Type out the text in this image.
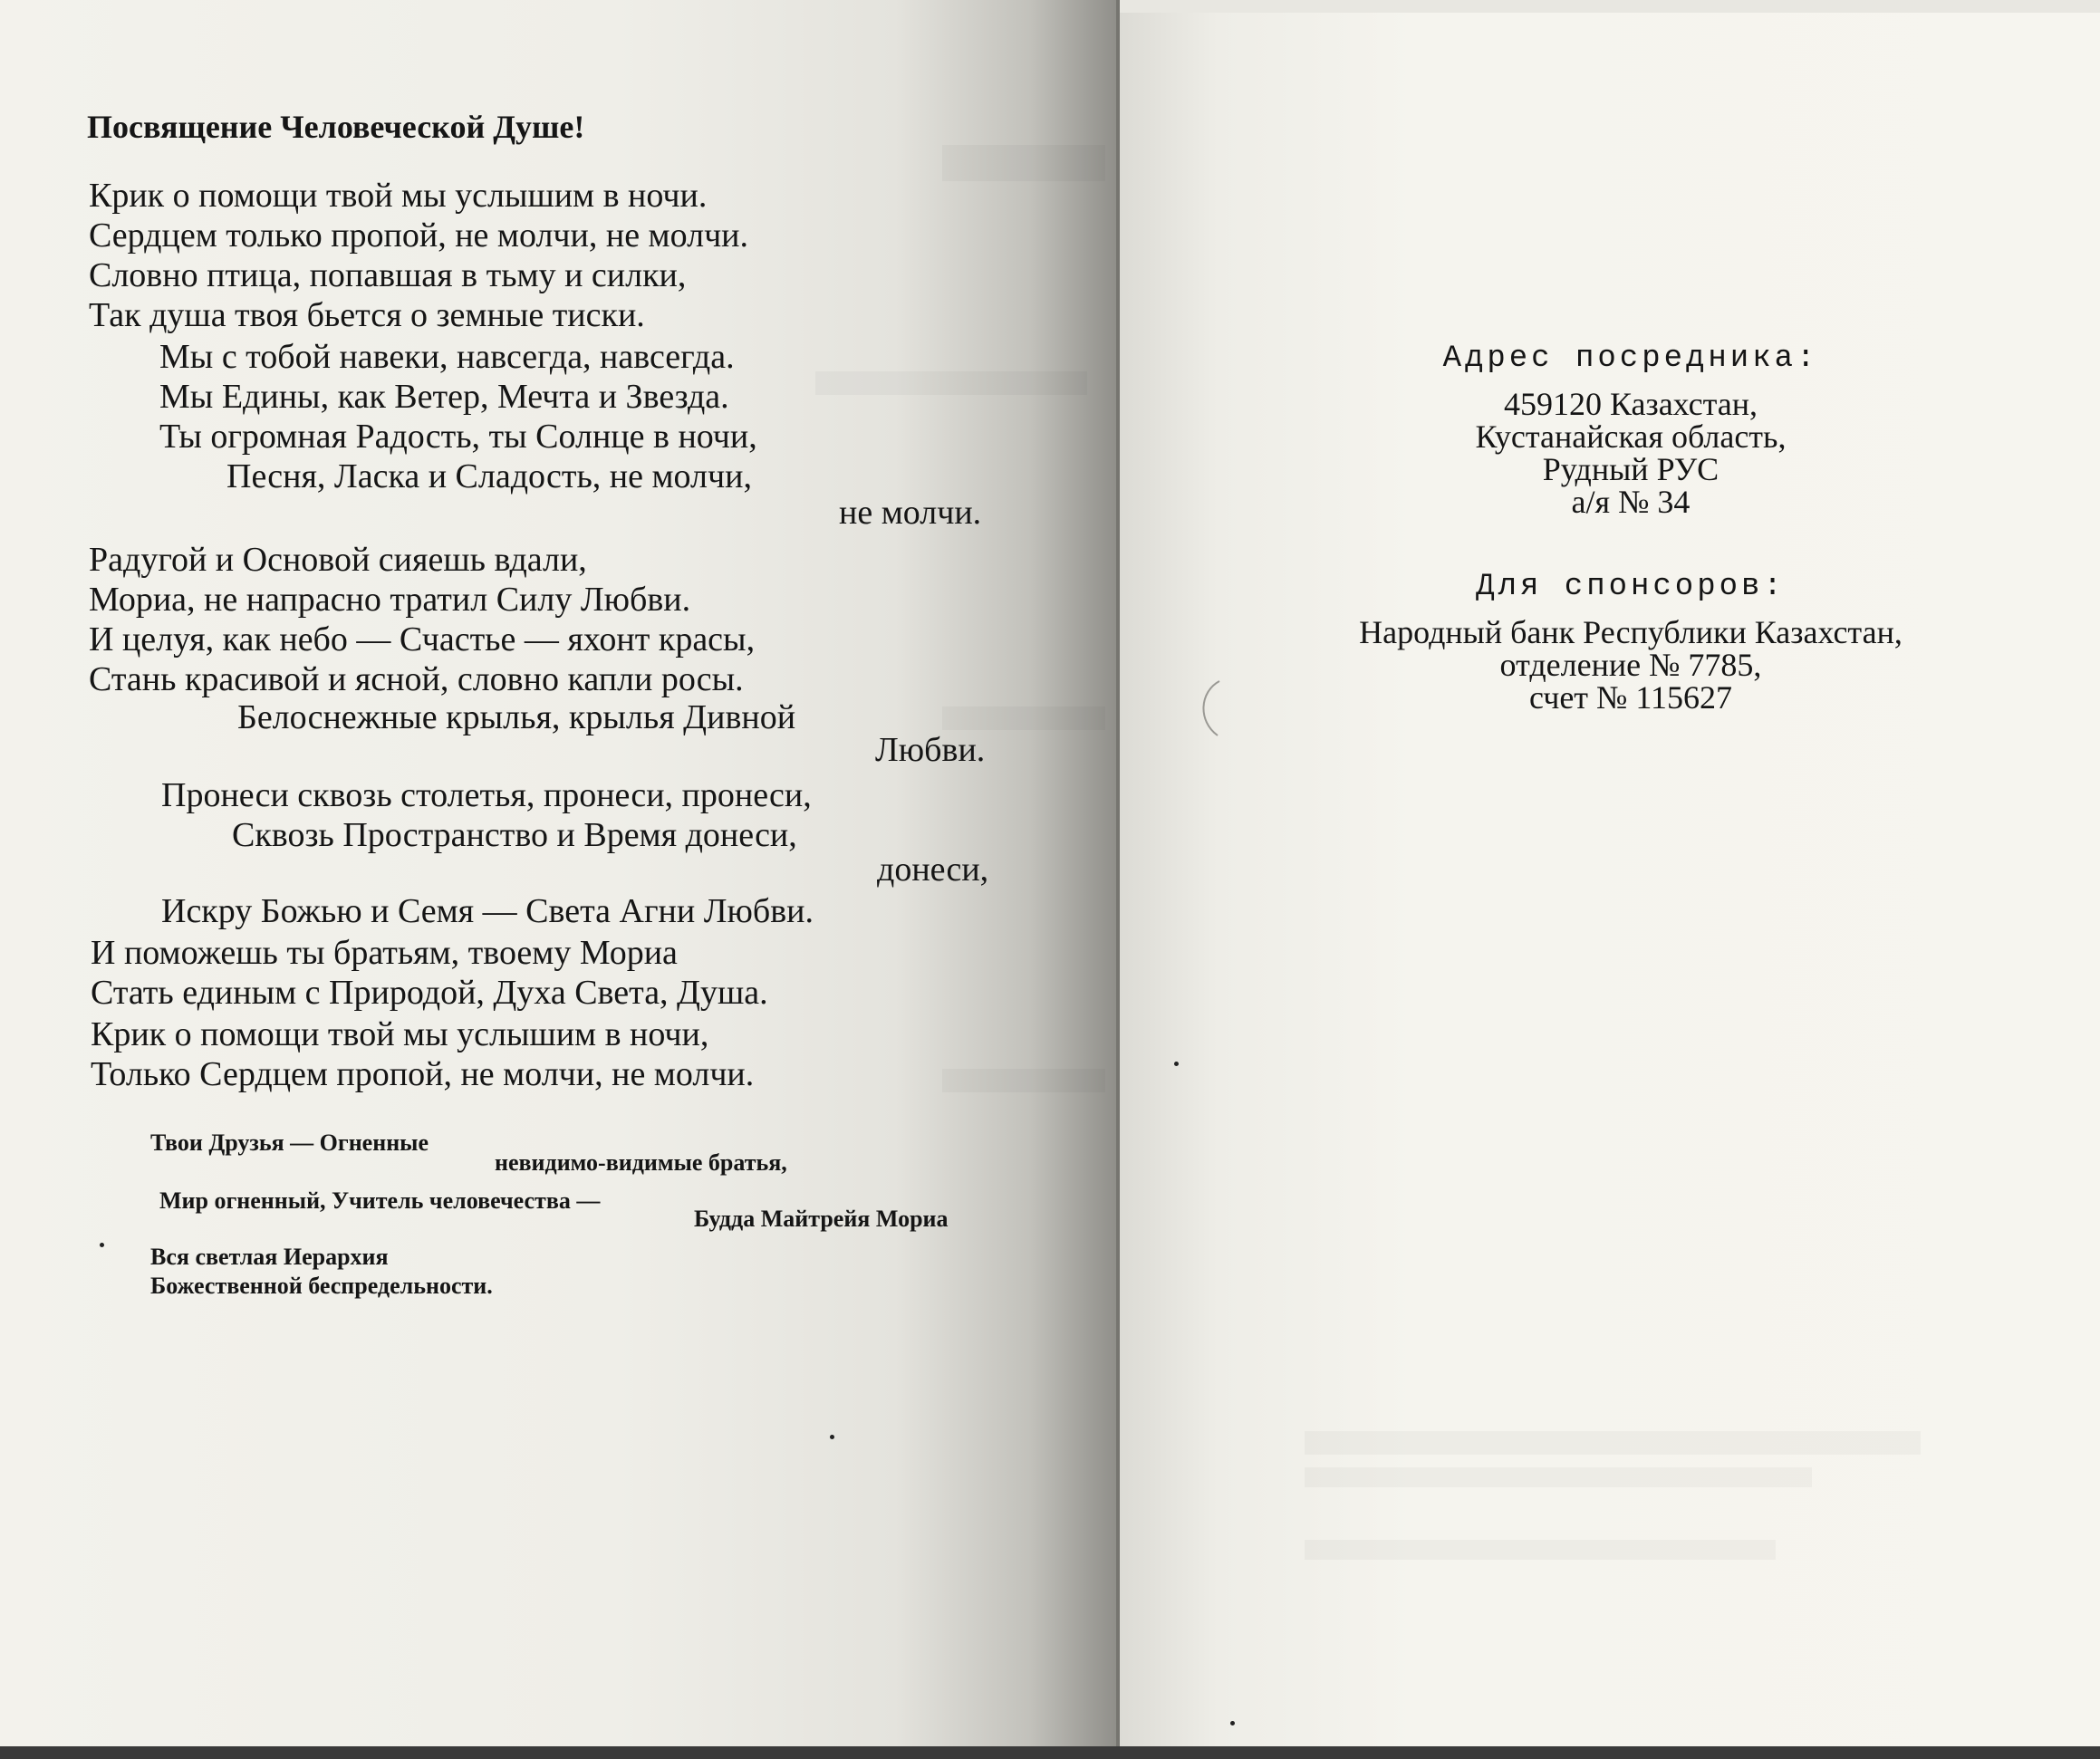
Посвящение Человеческой Душе!
Крик о помощи твой мы услышим в ночи.
Сердцем только пропой, не молчи, не молчи.
Словно птица, попавшая в тьму и силки,
Так душа твоя бьется о земные тиски.
Мы с тобой навеки, навсегда, навсегда.
Мы Едины, как Ветер, Мечта и Звезда.
Ты огромная Радость, ты Солнце в ночи,
Песня, Ласка и Сладость, не молчи,
не молчи.
Радугой и Основой сияешь вдали,
Мориа, не напрасно тратил Силу Любви.
И целуя, как небо — Счастье — яхонт красы,
Стань красивой и ясной, словно капли росы.
Белоснежные крылья, крылья Дивной
Любви.
Пронеси сквозь столетья, пронеси, пронеси,
Сквозь Пространство и Время донеси,
донеси,
Искру Божью и Семя — Света Агни Любви.
И поможешь ты братьям, твоему Мориа
Стать единым с Природой, Духа Света, Душа.
Крик о помощи твой мы услышим в ночи,
Только Сердцем пропой, не молчи, не молчи.
Твои Друзья — Огненные
невидимо-видимые братья,
Мир огненный, Учитель человечества —
Будда Майтрейя Мориа
Вся светлая Иерархия
Божественной беспредельности.
Адрес посредника:
459120 Казахстан,
Кустанайская область,
Рудный РУС
а/я № 34
Для спонсоров:
Народный банк Республики Казахстан,
отделение № 7785,
счет № 115627
